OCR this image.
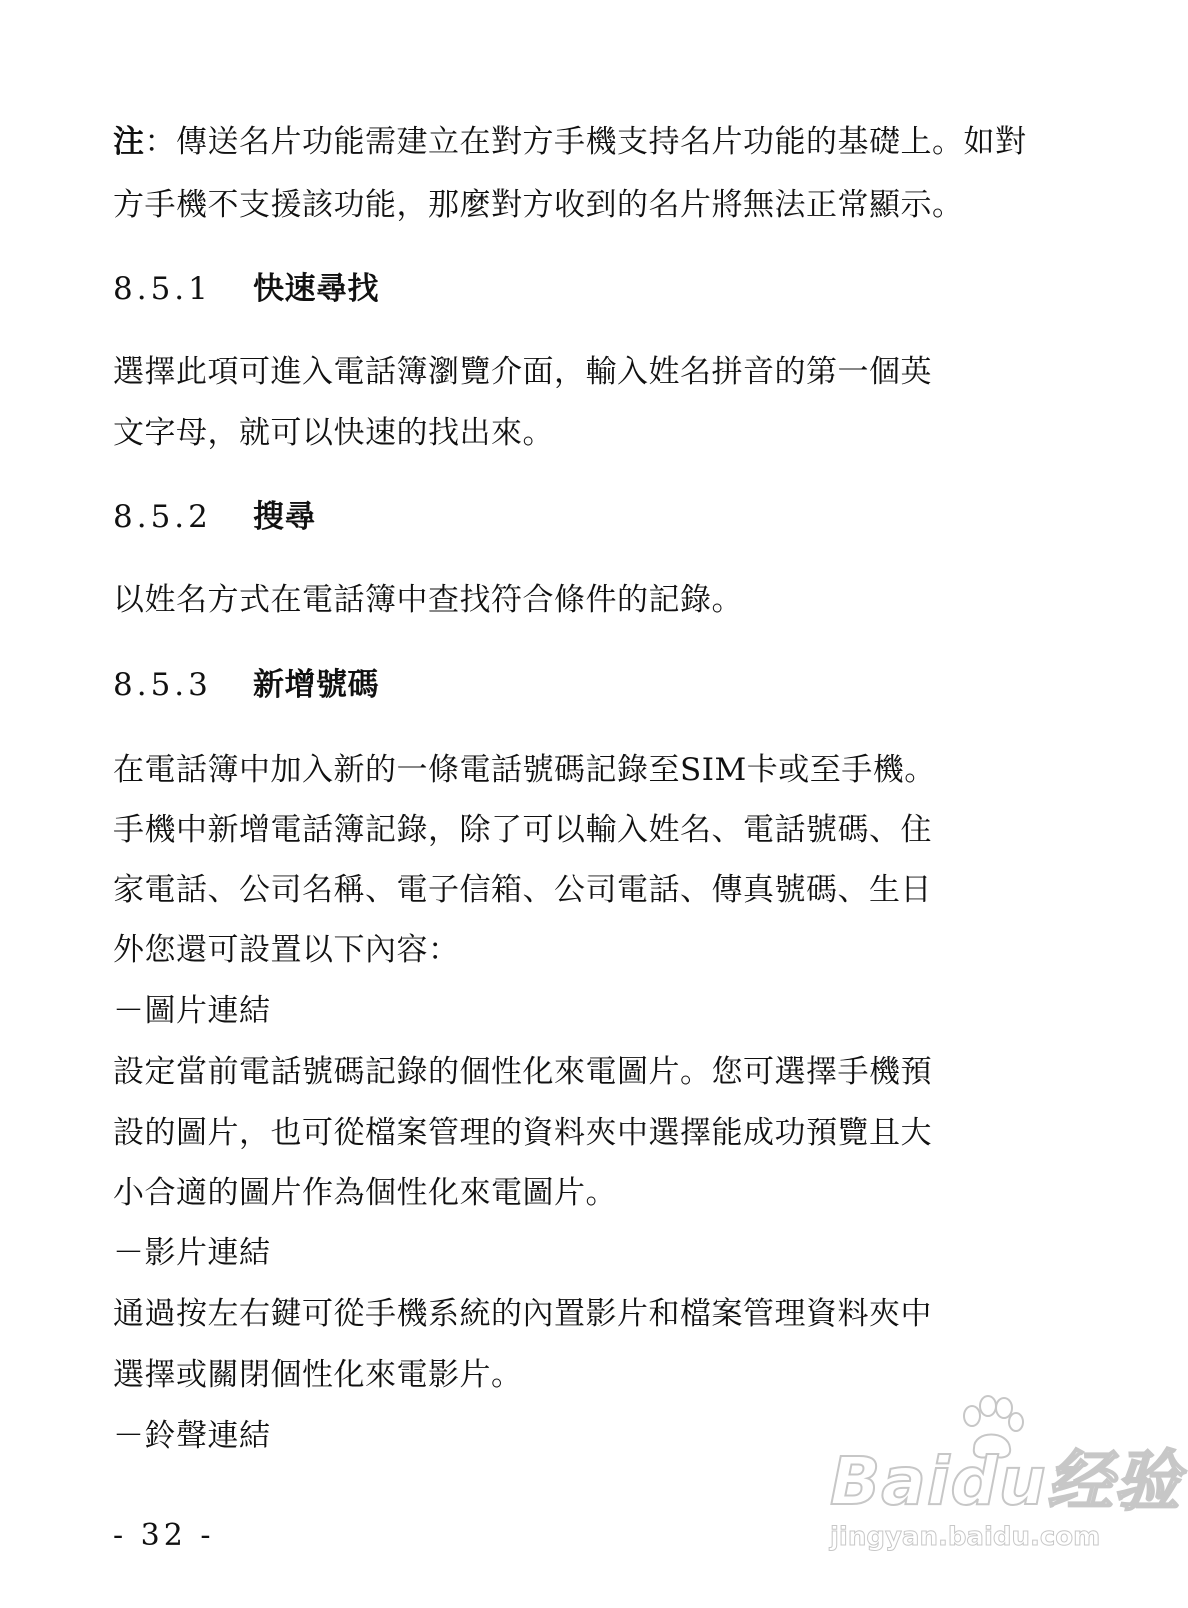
注：傳送名片功能需建立在對方手機支持名片功能的基礎上。如對
方手機不支援該功能，那麼對方收到的名片將無法正常顯示。
8.5.1 快速尋找
選擇此項可進入電話簿瀏覽介面，輸入姓名拼音的第一個英
文字母，就可以快速的找出來。
8.5.2 搜尋
以姓名方式在電話簿中查找符合條件的記錄。
8.5.3 新增號碼
在電話簿中加入新的一條電話號碼記錄至SIM卡或至手機。
手機中新增電話簿記錄，除了可以輸入姓名、電話號碼、住
家電話、公司名稱、電子信箱、公司電話、傳真號碼、生日
外您還可設置以下內容：
－圖片連結
設定當前電話號碼記錄的個性化來電圖片。您可選擇手機預
設的圖片，也可從檔案管理的資料夾中選擇能成功預覽且大
小合適的圖片作為個性化來電圖片。
－影片連結
通過按左右鍵可從手機系統的內置影片和檔案管理資料夾中
選擇或關閉個性化來電影片。
－鈴聲連結
- 32 -
Baidu经验
jingyan.baidu.com
